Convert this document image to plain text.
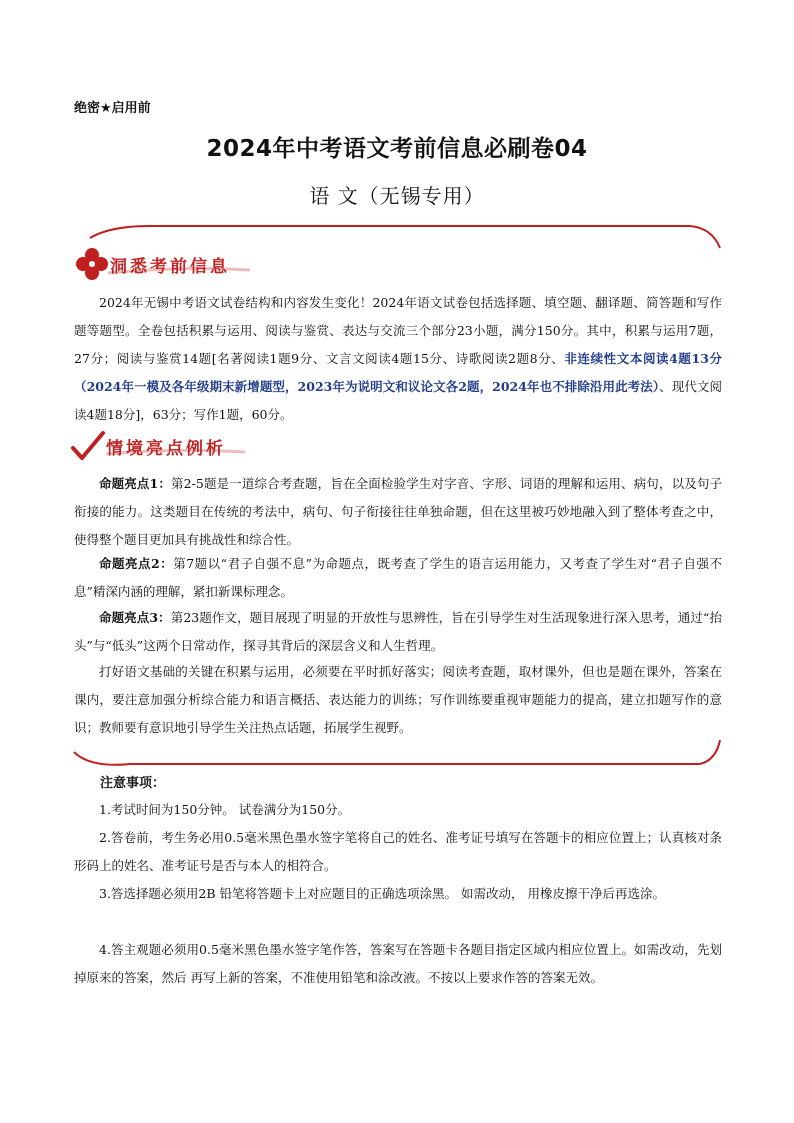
绝密★启用前
2024年中考语文考前信息必刷卷04
语 文（无锡专用）
洞悉考前信息
2024年无锡中考语文试卷结构和内容发生变化！2024年语文试卷包括选择题、填空题、翻译题、简答题和写作题等题型。全卷包括积累与运用、阅读与鉴赏、表达与交流三个部分23小题，满分150分。其中，积累与运用7题，27分；阅读与鉴赏14题[名著阅读1题9分、文言文阅读4题15分、诗歌阅读2题8分、非连续性文本阅读4题13分（2024年一模及各年级期末新增题型，2023年为说明文和议论文各2题，2024年也不排除沿用此考法）、现代文阅读4题18分]，63分；写作1题，60分。
情境亮点例析
命题亮点1：第2-5题是一道综合考查题，旨在全面检验学生对字音、字形、词语的理解和运用、病句，以及句子衔接的能力。这类题目在传统的考法中，病句、句子衔接往往单独命题，但在这里被巧妙地融入到了整体考查之中，使得整个题目更加具有挑战性和综合性。
命题亮点2：第7题以“君子自强不息”为命题点，既考查了学生的语言运用能力，又考查了学生对“君子自强不息”精深内涵的理解，紧扣新课标理念。
命题亮点3：第23题作文，题目展现了明显的开放性与思辨性，旨在引导学生对生活现象进行深入思考，通过“抬头”与“低头”这两个日常动作，探寻其背后的深层含义和人生哲理。
打好语文基础的关键在积累与运用，必须要在平时抓好落实；阅读考查题，取材课外，但也是题在课外，答案在课内，要注意加强分析综合能力和语言概括、表达能力的训练；写作训练要重视审题能力的提高，建立扣题写作的意识；教师要有意识地引导学生关注热点话题，拓展学生视野。
注意事项：
1.考试时间为150分钟。 试卷满分为150分。
2.答卷前，考生务必用0.5毫米黑色墨水签字笔将自己的姓名、准考证号填写在答题卡的相应位置上；认真核对条形码上的姓名、准考证号是否与本人的相符合。
3.答选择题必须用2B 铅笔将答题卡上对应题目的正确选项涂黑。 如需改动， 用橡皮擦干净后再选涂。
4.答主观题必须用0.5毫米黑色墨水签字笔作答，答案写在答题卡各题目指定区域内相应位置上。如需改动，先划掉原来的答案，然后 再写上新的答案，不准使用铅笔和涂改液。不按以上要求作答的答案无效。
